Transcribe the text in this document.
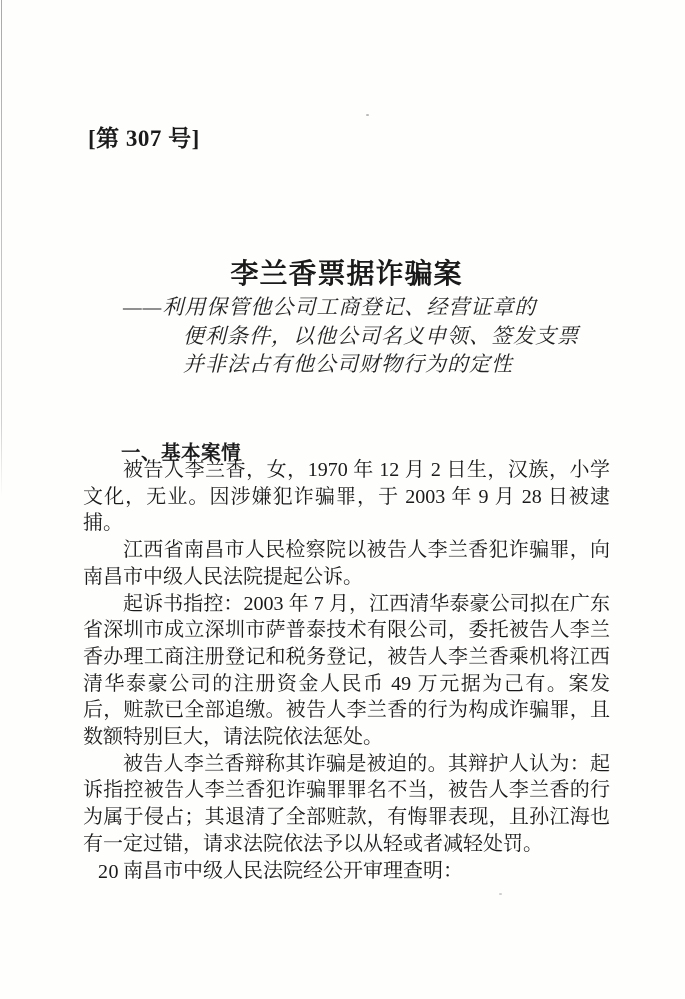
[第 307 号]
李兰香票据诈骗案
——利用保管他公司工商登记、经营证章的
便利条件，以他公司名义申领、签发支票
并非法占有他公司财物行为的定性
一、基本案情

被告人李兰香，女，1970 年 12 月 2 日生，汉族，小学文化，无业。因涉嫌犯诈骗罪，于 2003 年 9 月 28 日被逮捕。

江西省南昌市人民检察院以被告人李兰香犯诈骗罪，向南昌市中级人民法院提起公诉。

起诉书指控：2003 年 7 月，江西清华泰豪公司拟在广东省深圳市成立深圳市萨普泰技术有限公司，委托被告人李兰香办理工商注册登记和税务登记，被告人李兰香乘机将江西清华泰豪公司的注册资金人民币 49 万元据为己有。案发后，赃款已全部追缴。被告人李兰香的行为构成诈骗罪，且数额特别巨大，请法院依法惩处。

被告人李兰香辩称其诈骗是被迫的。其辩护人认为：起诉指控被告人李兰香犯诈骗罪罪名不当，被告人李兰香的行为属于侵占；其退清了全部赃款，有悔罪表现，且孙江海也有一定过错，请求法院依法予以从轻或者减轻处罚。

南昌市中级人民法院经公开审理查明：

20
